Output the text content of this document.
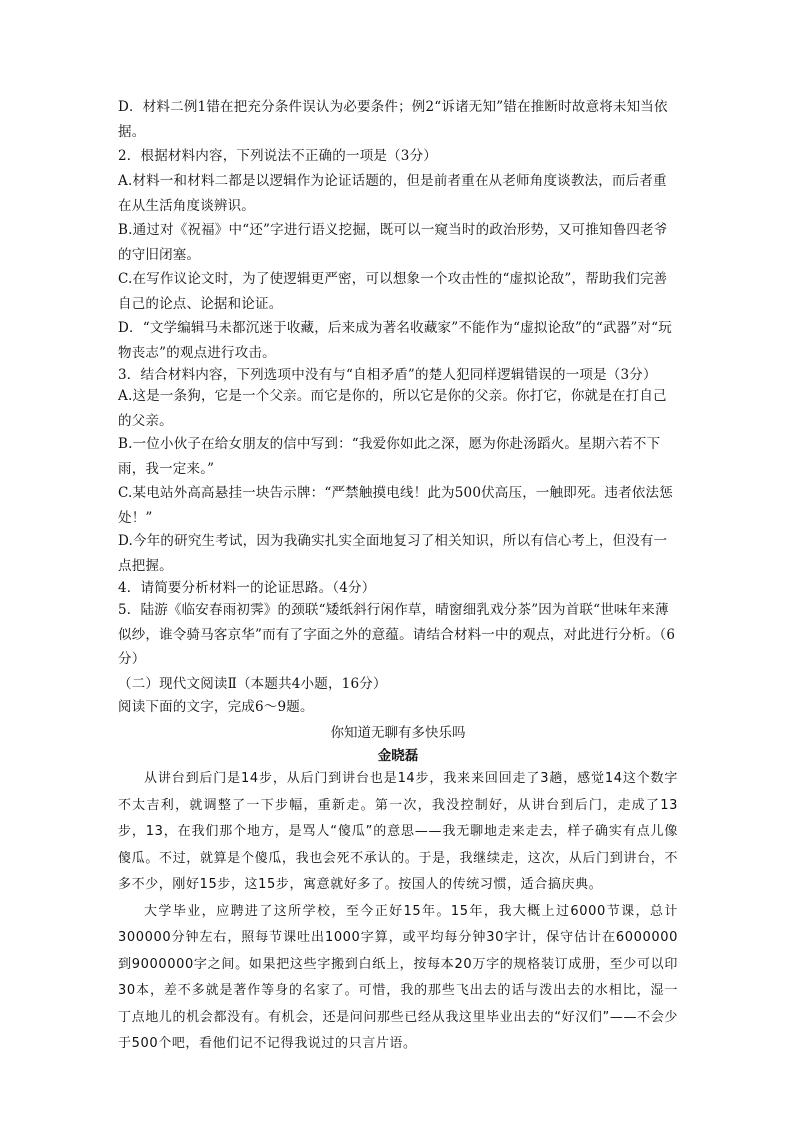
D．材料二例1错在把充分条件误认为必要条件；例2“诉诸无知”错在推断时故意将未知当依据。
2．根据材料内容，下列说法不正确的一项是（3分）
A.材料一和材料二都是以逻辑作为论证话题的，但是前者重在从老师角度谈教法，而后者重在从生活角度谈辨识。
B.通过对《祝福》中“还”字进行语义挖掘，既可以一窥当时的政治形势，又可推知鲁四老爷的守旧闭塞。
C.在写作议论文时，为了使逻辑更严密，可以想象一个攻击性的“虚拟论敌”，帮助我们完善自己的论点、论据和论证。
D．“文学编辑马未都沉迷于收藏，后来成为著名收藏家”不能作为“虚拟论敌”的“武器”对“玩物丧志”的观点进行攻击。
3．结合材料内容，下列选项中没有与“自相矛盾”的楚人犯同样逻辑错误的一项是（3分）
A.这是一条狗，它是一个父亲。而它是你的，所以它是你的父亲。你打它，你就是在打自己的父亲。
B.一位小伙子在给女朋友的信中写到：“我爱你如此之深，愿为你赴汤蹈火。星期六若不下雨，我一定来。”
C.某电站外高高悬挂一块告示牌：“严禁触摸电线！此为500伏高压，一触即死。违者依法惩处！”
D.今年的研究生考试，因为我确实扎实全面地复习了相关知识，所以有信心考上，但没有一点把握。
4．请简要分析材料一的论证思路。（4分）
5．陆游《临安春雨初霁》的颈联“矮纸斜行闲作草，晴窗细乳戏分茶”因为首联“世味年来薄似纱，谁令骑马客京华”而有了字面之外的意蕴。请结合材料一中的观点，对此进行分析。（6分）
（二）现代文阅读Ⅱ（本题共4小题，16分）
阅读下面的文字，完成6～9题。
你知道无聊有多快乐吗
金晓磊

从讲台到后门是14步，从后门到讲台也是14步，我来来回回走了3趟，感觉14这个数字不太吉利，就调整了一下步幅，重新走。第一次，我没控制好，从讲台到后门，走成了13步，13，在我们那个地方，是骂人“傻瓜”的意思——我无聊地走来走去，样子确实有点儿像傻瓜。不过，就算是个傻瓜，我也会死不承认的。于是，我继续走，这次，从后门到讲台，不多不少，刚好15步，这15步，寓意就好多了。按国人的传统习惯，适合搞庆典。

大学毕业，应聘进了这所学校，至今正好15年。15年，我大概上过6000节课，总计300000分钟左右，照每节课吐出1000字算，或平均每分钟30字计，保守估计在6000000到9000000字之间。如果把这些字搬到白纸上，按每本20万字的规格装订成册，至少可以印30本，差不多就是著作等身的名家了。可惜，我的那些飞出去的话与泼出去的水相比，湿一丁点地儿的机会都没有。有机会，还是问问那些已经从我这里毕业出去的“好汉们”——不会少于500个吧，看他们记不记得我说过的只言片语。
